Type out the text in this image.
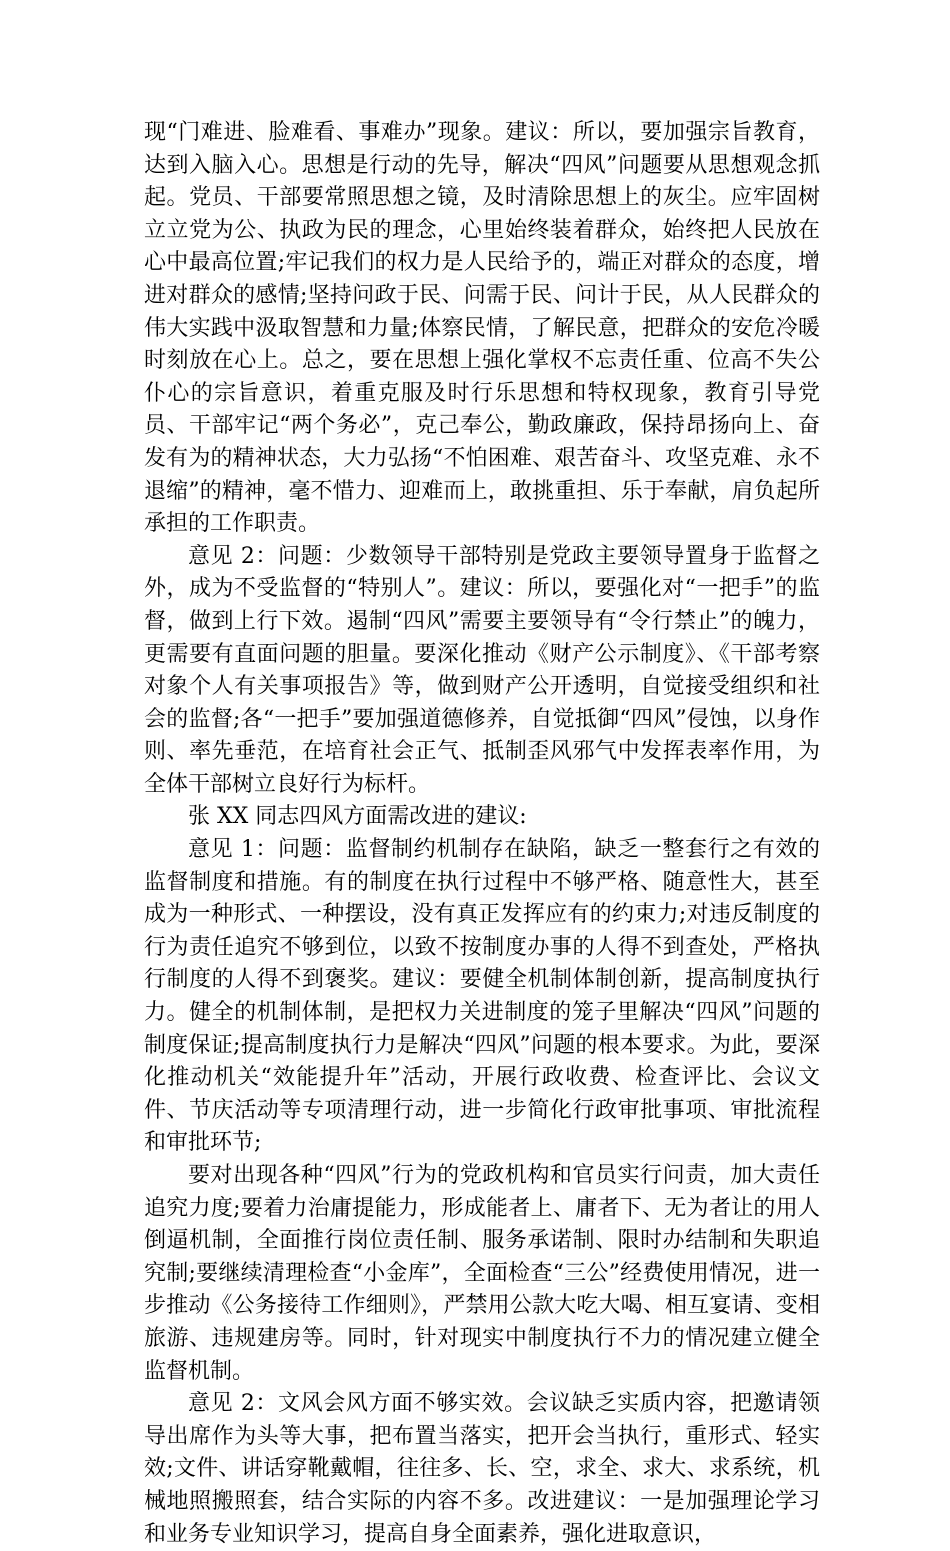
现“门难进、脸难看、事难办”现象。建议：所以，要加强宗旨教育，达到入脑入心。思想是行动的先导，解决“四风”问题要从思想观念抓起。党员、干部要常照思想之镜，及时清除思想上的灰尘。应牢固树立立党为公、执政为民的理念，心里始终装着群众，始终把人民放在心中最高位置;牢记我们的权力是人民给予的，端正对群众的态度，增进对群众的感情;坚持问政于民、问需于民、问计于民，从人民群众的伟大实践中汲取智慧和力量;体察民情，了解民意，把群众的安危冷暖时刻放在心上。总之，要在思想上强化掌权不忘责任重、位高不失公仆心的宗旨意识，着重克服及时行乐思想和特权现象，教育引导党员、干部牢记“两个务必”，克己奉公，勤政廉政，保持昂扬向上、奋发有为的精神状态，大力弘扬“不怕困难、艰苦奋斗、攻坚克难、永不退缩”的精神，毫不惜力、迎难而上，敢挑重担、乐于奉献，肩负起所承担的工作职责。

意见 2：问题：少数领导干部特别是党政主要领导置身于监督之外，成为不受监督的“特别人”。建议：所以，要强化对“一把手”的监督，做到上行下效。遏制“四风”需要主要领导有“令行禁止”的魄力，更需要有直面问题的胆量。要深化推动《财产公示制度》、《干部考察对象个人有关事项报告》等，做到财产公开透明，自觉接受组织和社会的监督;各“一把手”要加强道德修养，自觉抵御“四风”侵蚀，以身作则、率先垂范，在培育社会正气、抵制歪风邪气中发挥表率作用，为全体干部树立良好行为标杆。

张 XX 同志四风方面需改进的建议:

意见 1：问题：监督制约机制存在缺陷，缺乏一整套行之有效的监督制度和措施。有的制度在执行过程中不够严格、随意性大，甚至成为一种形式、一种摆设，没有真正发挥应有的约束力;对违反制度的行为责任追究不够到位，以致不按制度办事的人得不到查处，严格执行制度的人得不到褒奖。建议：要健全机制体制创新，提高制度执行力。健全的机制体制，是把权力关进制度的笼子里解决“四风”问题的制度保证;提高制度执行力是解决“四风”问题的根本要求。为此，要深化推动机关“效能提升年”活动，开展行政收费、检查评比、会议文件、节庆活动等专项清理行动，进一步简化行政审批事项、审批流程和审批环节;

要对出现各种“四风”行为的党政机构和官员实行问责，加大责任追究力度;要着力治庸提能力，形成能者上、庸者下、无为者让的用人倒逼机制，全面推行岗位责任制、服务承诺制、限时办结制和失职追究制;要继续清理检查“小金库”，全面检查“三公”经费使用情况，进一步推动《公务接待工作细则》，严禁用公款大吃大喝、相互宴请、变相旅游、违规建房等。同时，针对现实中制度执行不力的情况建立健全监督机制。

意见 2：文风会风方面不够实效。会议缺乏实质内容，把邀请领导出席作为头等大事，把布置当落实，把开会当执行，重形式、轻实效;文件、讲话穿靴戴帽，往往多、长、空，求全、求大、求系统，机械地照搬照套，结合实际的内容不多。改进建议：一是加强理论学习和业务专业知识学习，提高自身全面素养，强化进取意识，
